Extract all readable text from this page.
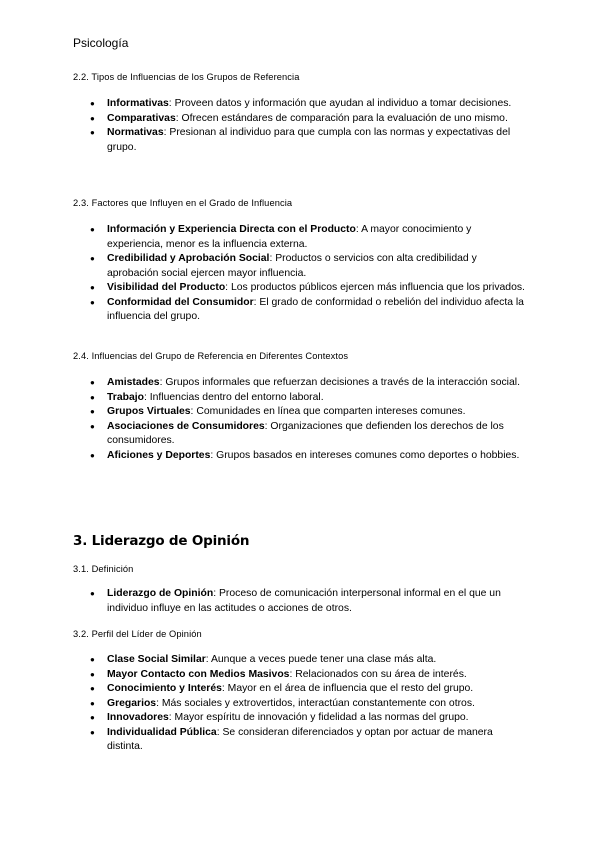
Psicología
2.2. Tipos de Influencias de los Grupos de Referencia
● Informativas: Proveen datos y información que ayudan al individuo a tomar decisiones.
● Comparativas: Ofrecen estándares de comparación para la evaluación de uno mismo.
● Normativas: Presionan al individuo para que cumpla con las normas y expectativas del grupo.
2.3. Factores que Influyen en el Grado de Influencia
● Información y Experiencia Directa con el Producto: A mayor conocimiento y experiencia, menor es la influencia externa.
● Credibilidad y Aprobación Social: Productos o servicios con alta credibilidad y aprobación social ejercen mayor influencia.
● Visibilidad del Producto: Los productos públicos ejercen más influencia que los privados.
● Conformidad del Consumidor: El grado de conformidad o rebelión del individuo afecta la influencia del grupo.
2.4. Influencias del Grupo de Referencia en Diferentes Contextos
● Amistades: Grupos informales que refuerzan decisiones a través de la interacción social.
● Trabajo: Influencias dentro del entorno laboral.
● Grupos Virtuales: Comunidades en línea que comparten intereses comunes.
● Asociaciones de Consumidores: Organizaciones que defienden los derechos de los consumidores.
● Aficiones y Deportes: Grupos basados en intereses comunes como deportes o hobbies.
3. Liderazgo de Opinión
3.1. Definición
● Liderazgo de Opinión: Proceso de comunicación interpersonal informal en el que un individuo influye en las actitudes o acciones de otros.
3.2. Perfil del Líder de Opinión
● Clase Social Similar: Aunque a veces puede tener una clase más alta.
● Mayor Contacto con Medios Masivos: Relacionados con su área de interés.
● Conocimiento y Interés: Mayor en el área de influencia que el resto del grupo.
● Gregarios: Más sociales y extrovertidos, interactúan constantemente con otros.
● Innovadores: Mayor espíritu de innovación y fidelidad a las normas del grupo.
● Individualidad Pública: Se consideran diferenciados y optan por actuar de manera distinta.
